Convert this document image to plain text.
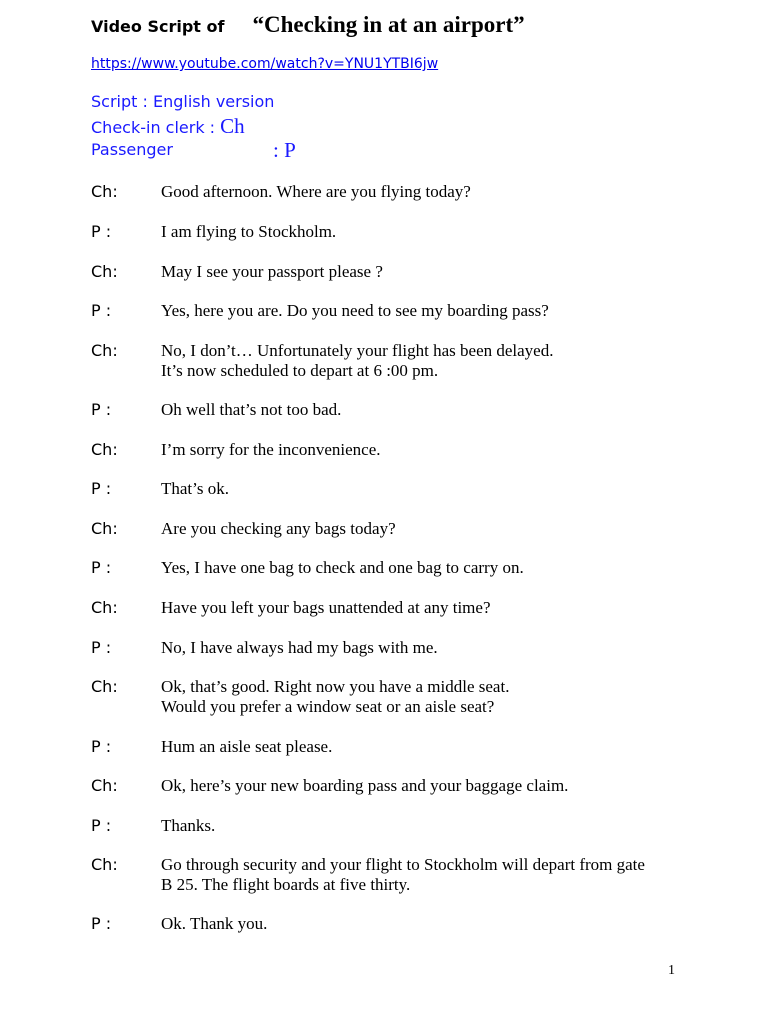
Video Script of “Checking in at an airport”
https://www.youtube.com/watch?v=YNU1YTBI6jw
Script : English version
Check-in clerk : Ch
Passenger	: P
Ch:	Good afternoon. Where are you flying today?
P :	I am flying to Stockholm.
Ch:	May I see your passport please ?
P :	Yes, here you are. Do you need to see my boarding pass?
Ch:	No, I don’t… Unfortunately your flight has been delayed.
It’s now scheduled to depart at 6 :00 pm.
P :	Oh well that’s not too bad.
Ch:	I’m sorry for the inconvenience.
P :	That’s ok.
Ch:	Are you checking any bags today?
P :	Yes, I have one bag to check and one bag to carry on.
Ch:	Have you left your bags unattended at any time?
P :	No, I have always had my bags with me.
Ch:	Ok, that’s good. Right now you have a middle seat.
Would you prefer a window seat or an aisle seat?
P :	Hum an aisle seat please.
Ch:	Ok, here’s your new boarding pass and your baggage claim.
P :	Thanks.
Ch:	Go through security and your flight to Stockholm will depart from gate
B 25. The flight boards at five thirty.
P :	Ok. Thank you.
1
